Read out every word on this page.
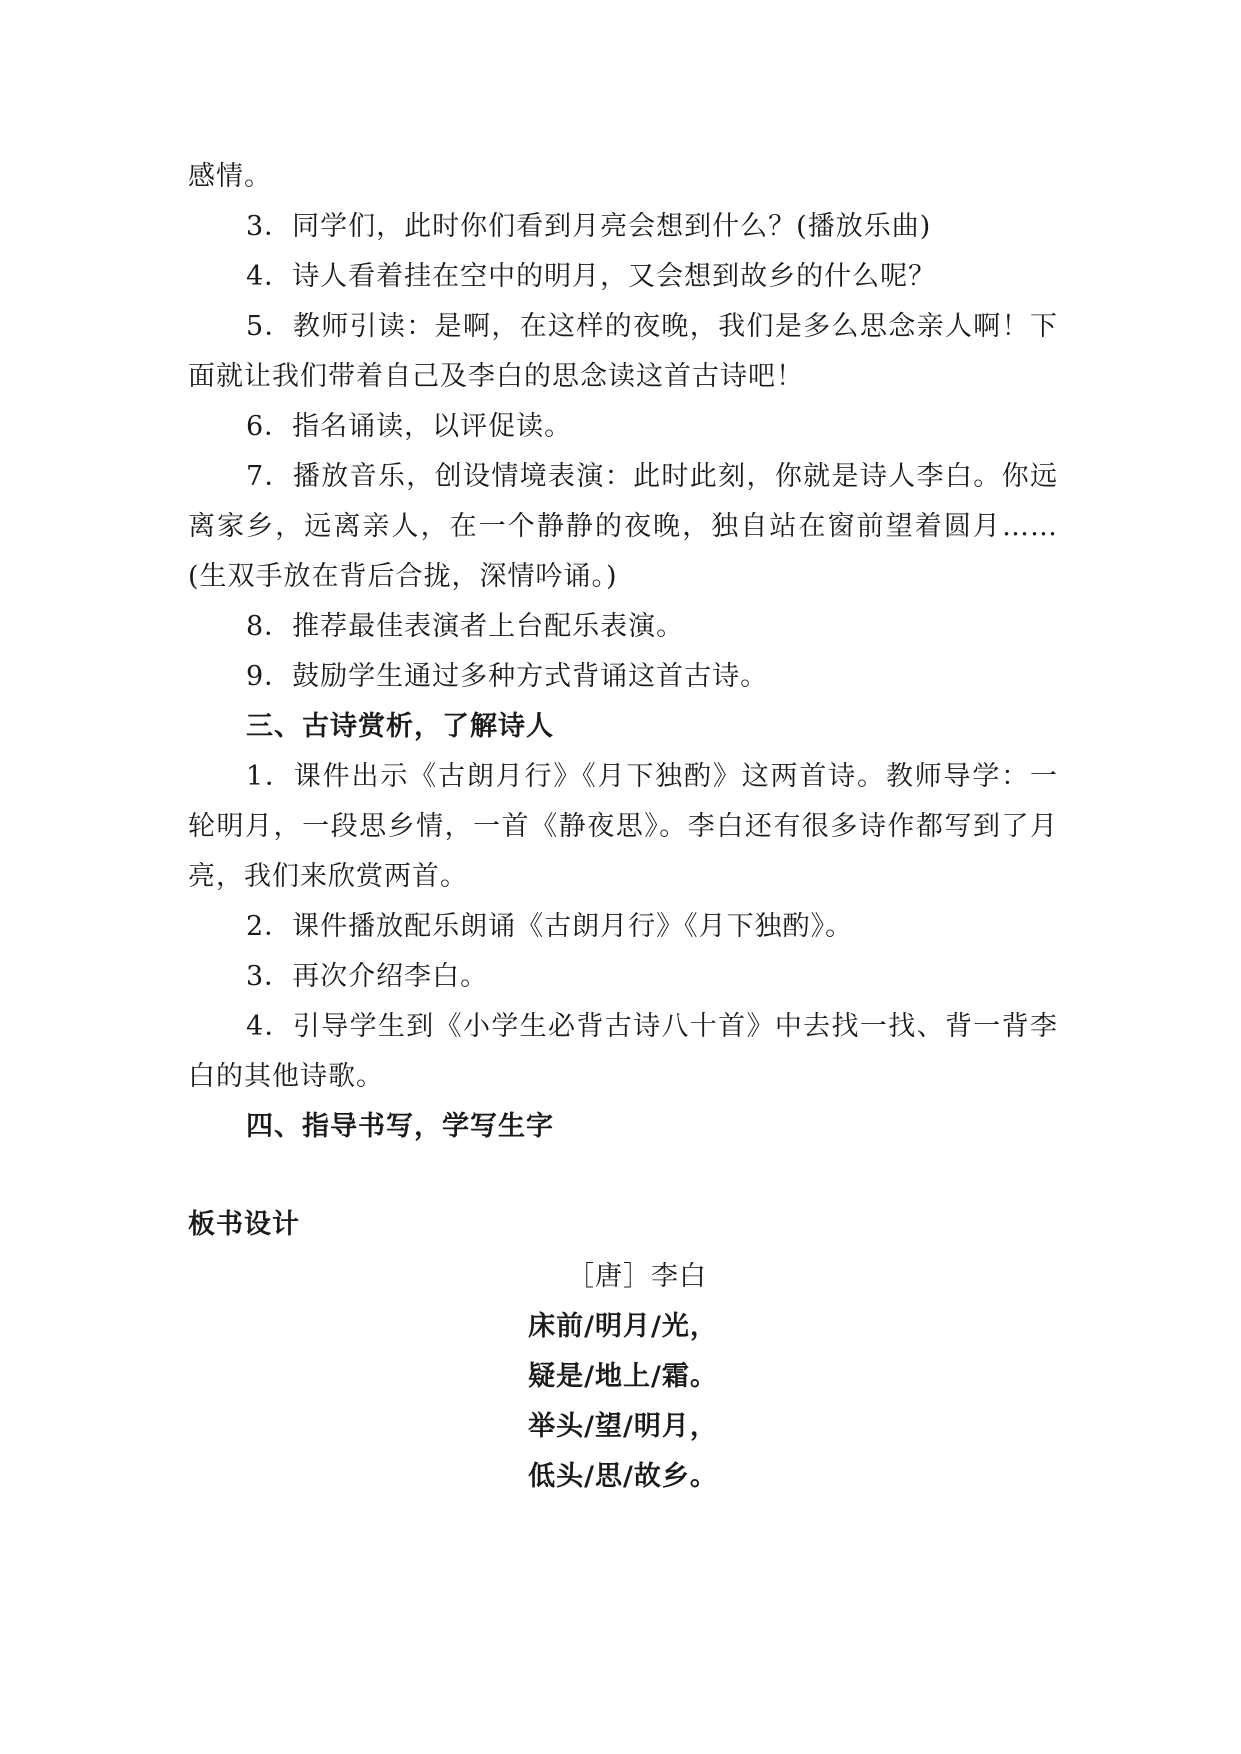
感情。

3．同学们，此时你们看到月亮会想到什么？(播放乐曲)

4．诗人看着挂在空中的明月，又会想到故乡的什么呢？

5．教师引读：是啊，在这样的夜晚，我们是多么思念亲人啊！下面就让我们带着自己及李白的思念读这首古诗吧！

6．指名诵读，以评促读。

7．播放音乐，创设情境表演：此时此刻，你就是诗人李白。你远离家乡，远离亲人，在一个静静的夜晚，独自站在窗前望着圆月……(生双手放在背后合拢，深情吟诵。)

8．推荐最佳表演者上台配乐表演。

9．鼓励学生通过多种方式背诵这首古诗。

三、古诗赏析，了解诗人

1．课件出示《古朗月行》《月下独酌》这两首诗。教师导学：一轮明月，一段思乡情，一首《静夜思》。李白还有很多诗作都写到了月亮，我们来欣赏两首。

2．课件播放配乐朗诵《古朗月行》《月下独酌》。

3．再次介绍李白。

4．引导学生到《小学生必背古诗八十首》中去找一找、背一背李白的其他诗歌。

四、指导书写，学写生字

板书设计

［唐］李白
床前/明月/光，
疑是/地上/霜。
举头/望/明月，
低头/思/故乡。
